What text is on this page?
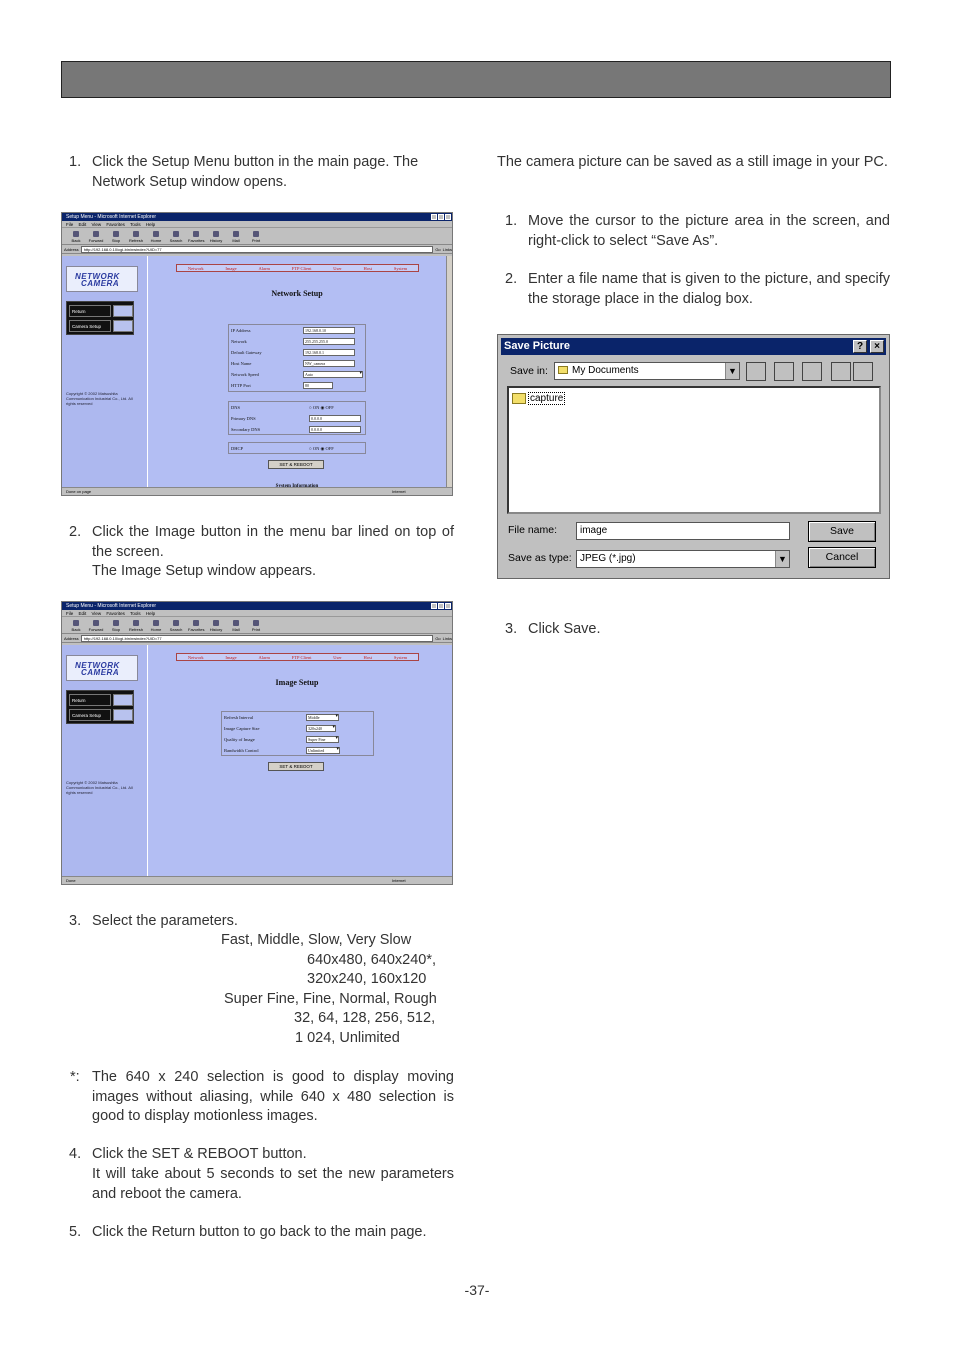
1. Click the Setup Menu button in the main page. The Network Setup window opens.
Setup Menu - Microsoft Internet Explorer
File Edit View Favorites Tools Help
Back	Forward	Stop	Refresh	Home	Search	Favorites	History	Mail	Print
Address	http://192.168.0.10/cgi-bin/nwindex?UID=77	Go Links
NETWORK
CAMERA
Return
Camera Setup
Copyright © 2002 Matsushita Communication Industrial Co., Ltd. All rights reserved
Network	Image	Alarm	FTP Client	User	Host	System
Network Setup
IP Address	192.168.0.10
Network	255.255.255.0
Default Gateway	192.168.0.1
Host Name	NW_camera
Network Speed	Auto ▾
HTTP Port	80
DNS	○ ON ◉ OFF
Primary DNS	0.0.0.0
Secondary DNS	0.0.0.0
DHCP	○ ON ◉ OFF
SET & REBOOT
Done on page	Internet
2. Click the Image button in the menu bar lined on top of the screen.
The Image Setup window appears.
Setup Menu - Microsoft Internet Explorer
File Edit View Favorites Tools Help
Back	Forward	Stop	Refresh	Home	Search	Favorites	History	Mail	Print
Address	http://192.168.0.10/cgi-bin/nwindex?UID=77	Go Links
NETWORK
CAMERA
Return
Camera Setup
Copyright © 2002 Matsushita Communication Industrial Co., Ltd. All rights reserved
Network	Image	Alarm	FTP Client	User	Host	System
Image Setup
Refresh Interval	Middle ▾
Image Capture Size	320x240 ▾
Quality of Image	Super Fine ▾
Bandwidth Control	Unlimited ▾
SET & REBOOT
Done	Internet
3. Select the parameters.
Fast, Middle, Slow, Very Slow
640x480, 640x240*,
320x240, 160x120
Super Fine, Fine, Normal, Rough
32, 64, 128, 256, 512,
1 024, Unlimited
*: The 640 x 240 selection is good to display moving images without aliasing, while 640 x 480 selection is good to display motionless images.
4. Click the SET & REBOOT button.
It will take about 5 seconds to set the new parameters and reboot the camera.
5. Click the Return button to go back to the main page.
The camera picture can be saved as a still image in your PC.
1. Move the cursor to the picture area in the screen, and right-click to select “Save As”.
2. Enter a file name that is given to the picture, and specify the storage place in the dialog box.
Save Picture	?	×
Save in:	My Documents	▼
capture
File name:	image
Save as type: JPEG (*.jpg)	▼
Save
Cancel
3. Click Save.
-37-
